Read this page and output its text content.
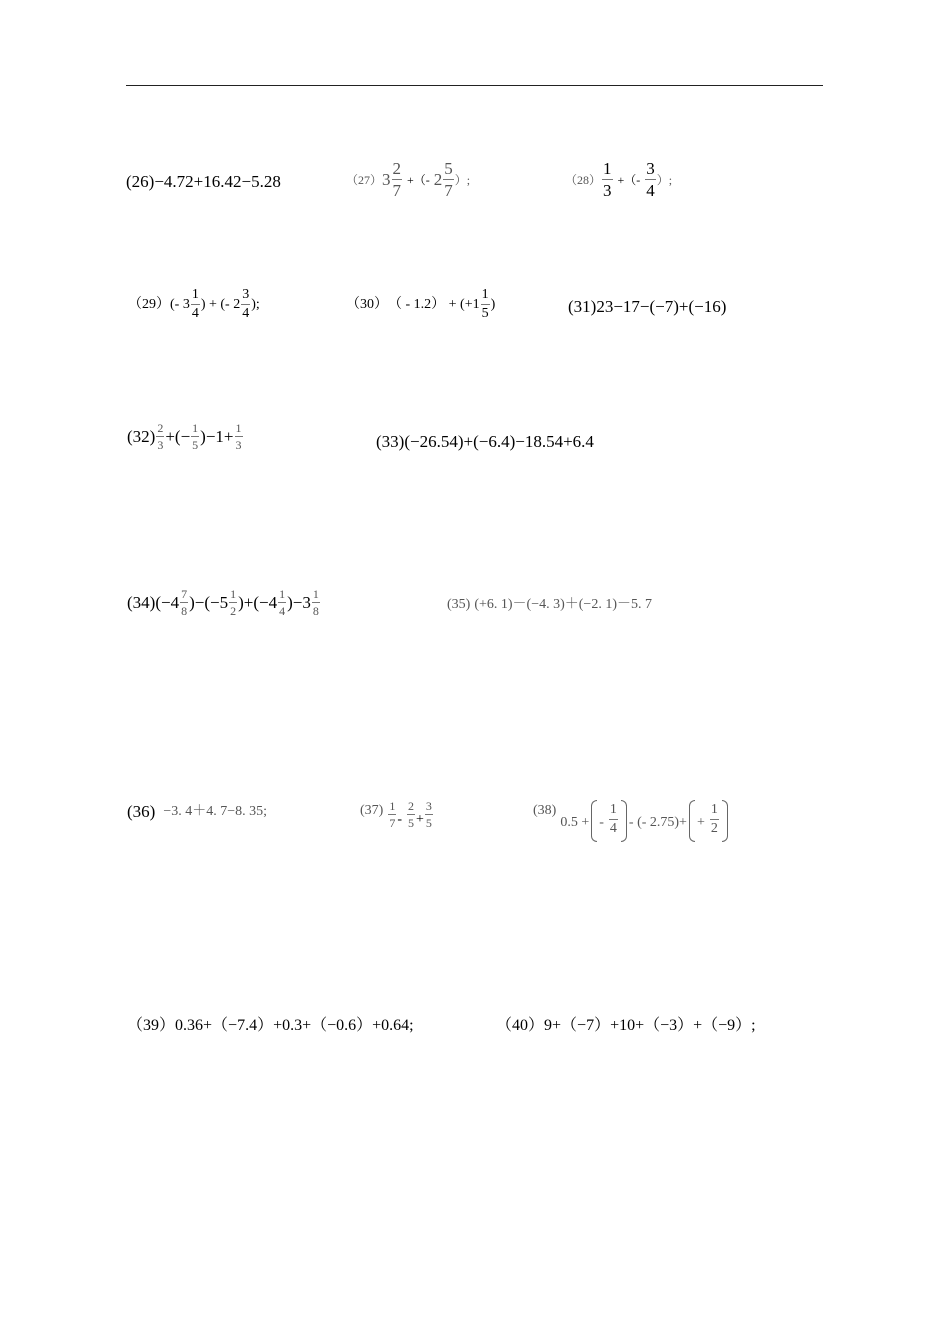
(26) −4.72+16.42−5.28	（27） 3
2
7
+（- 2
5
7
）;	（28）
1
3
+（-
3
4
）;
（29） (- 3
1
4
) + (- 2
3
4
);	（30） （ - 1.2） + (+1
1
5
)	(31) 23−17−(−7)+(−16)
(32) 2
3 +(− $\frac{1}{5} )-1+ \frac{1}{3}$	(33) (−26.54)+(−6.4)−18.54+6.4
(34) (−4 7
8 )−(−5 1
2 )+(−4 1
4 )−3 1
8	(35) (+6. 1)－(−4. 3)＋(−2. 1)－5. 7
(36) −3. 4＋4. 7−8. 35;	(37) 1
7 -
2
$5 + \frac{3}{5}$	(38)
0.5 + -
1
4 - (- 2.75)+ +
1
2
（39） 0.36+（−7.4）+0.3+（−0.6）+0.64;	（40） 9+（−7）+10+（−3）+（−9）;
